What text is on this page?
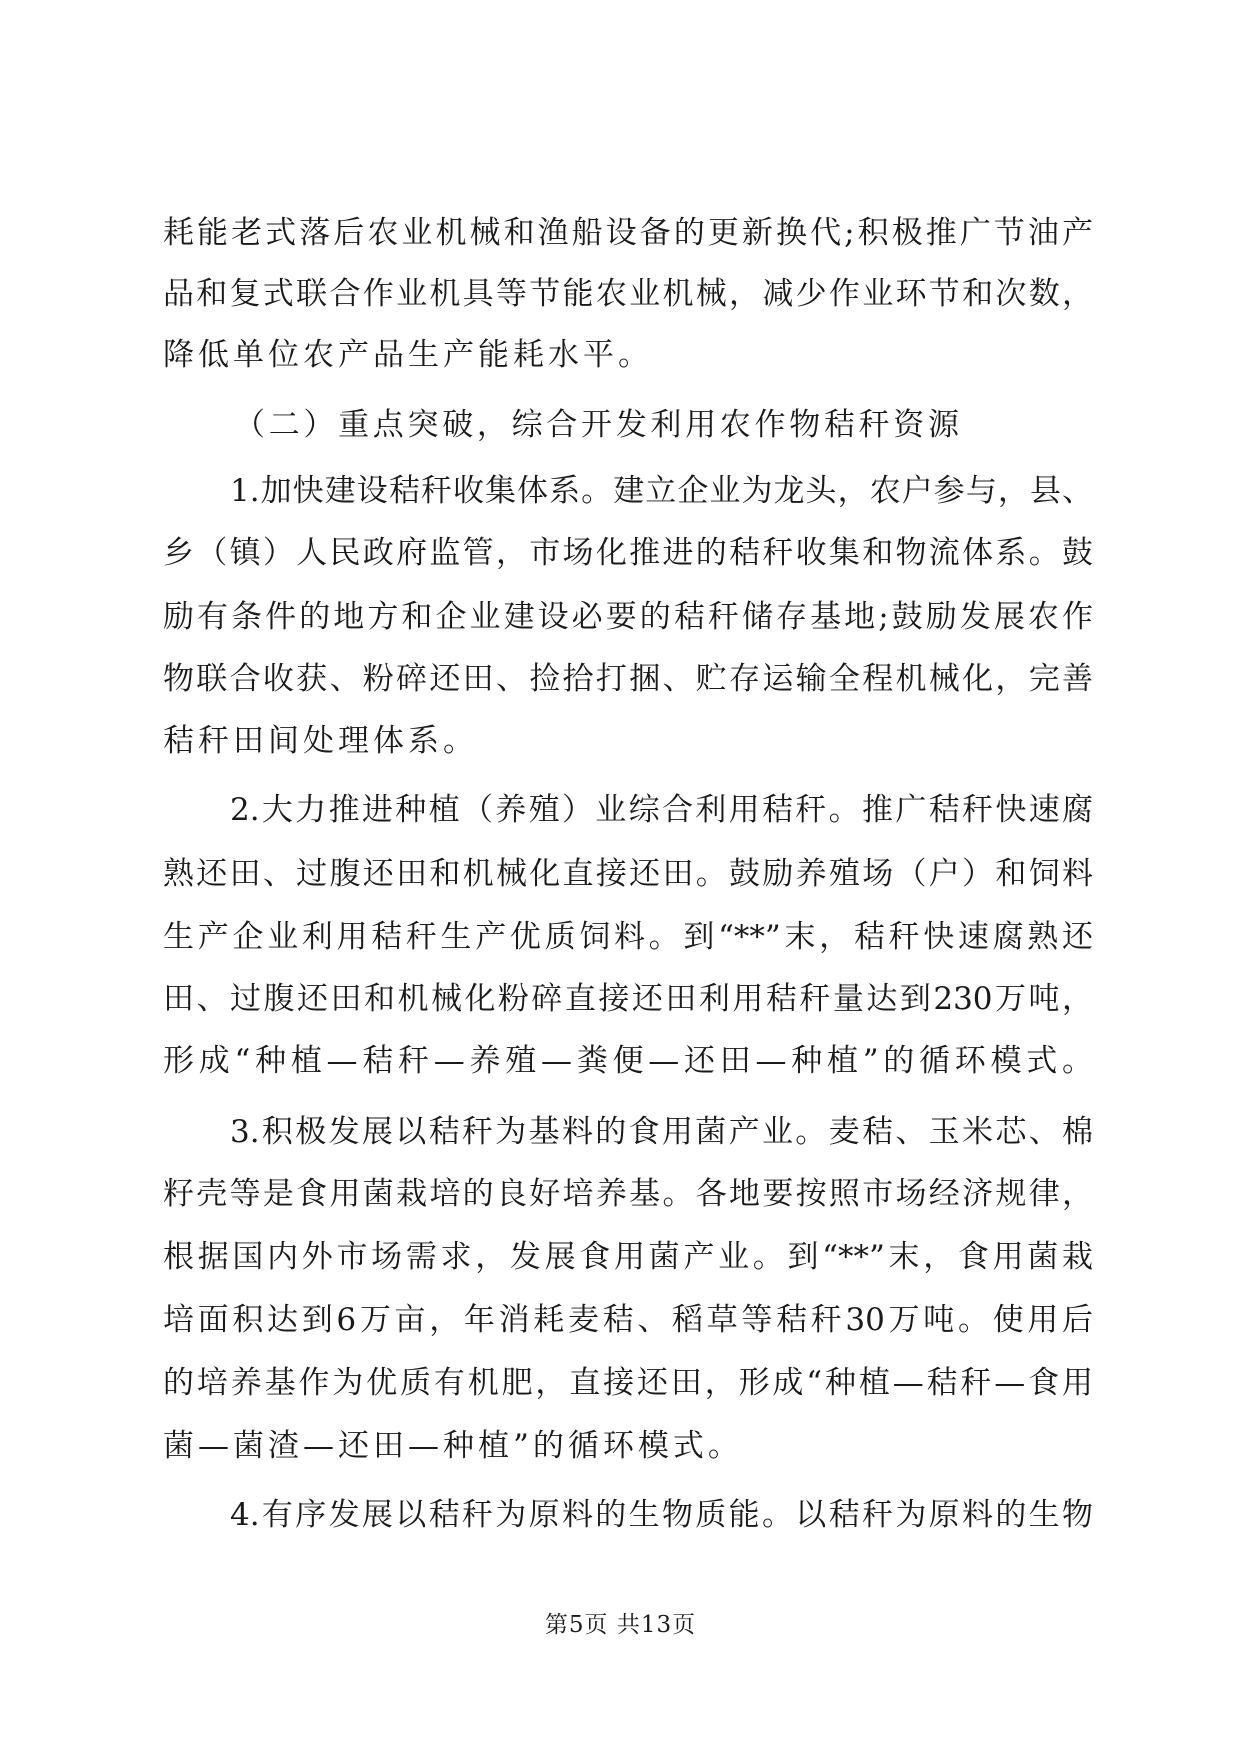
耗能老式落后农业机械和渔船设备的更新换代;积极推广节油产
品和复式联合作业机具等节能农业机械，减少作业环节和次数，
降低单位农产品生产能耗水平。
（二）重点突破，综合开发利用农作物秸秆资源
1.加快建设秸秆收集体系。建立企业为龙头，农户参与，县、
乡（镇）人民政府监管，市场化推进的秸秆收集和物流体系。鼓
励有条件的地方和企业建设必要的秸秆储存基地;鼓励发展农作
物联合收获、粉碎还田、捡拾打捆、贮存运输全程机械化，完善
秸秆田间处理体系。
2.大力推进种植（养殖）业综合利用秸秆。推广秸秆快速腐
熟还田、过腹还田和机械化直接还田。鼓励养殖场（户）和饲料
生产企业利用秸秆生产优质饲料。到“**”末，秸秆快速腐熟还
田、过腹还田和机械化粉碎直接还田利用秸秆量达到230万吨，
形成“种植—秸秆—养殖—粪便—还田—种植”的循环模式。
3.积极发展以秸秆为基料的食用菌产业。麦秸、玉米芯、棉
籽壳等是食用菌栽培的良好培养基。各地要按照市场经济规律，
根据国内外市场需求，发展食用菌产业。到“**”末，食用菌栽
培面积达到6万亩，年消耗麦秸、稻草等秸秆30万吨。使用后
的培养基作为优质有机肥，直接还田，形成“种植—秸秆—食用
菌—菌渣—还田—种植”的循环模式。
4.有序发展以秸秆为原料的生物质能。以秸秆为原料的生物
第5页 共13页
